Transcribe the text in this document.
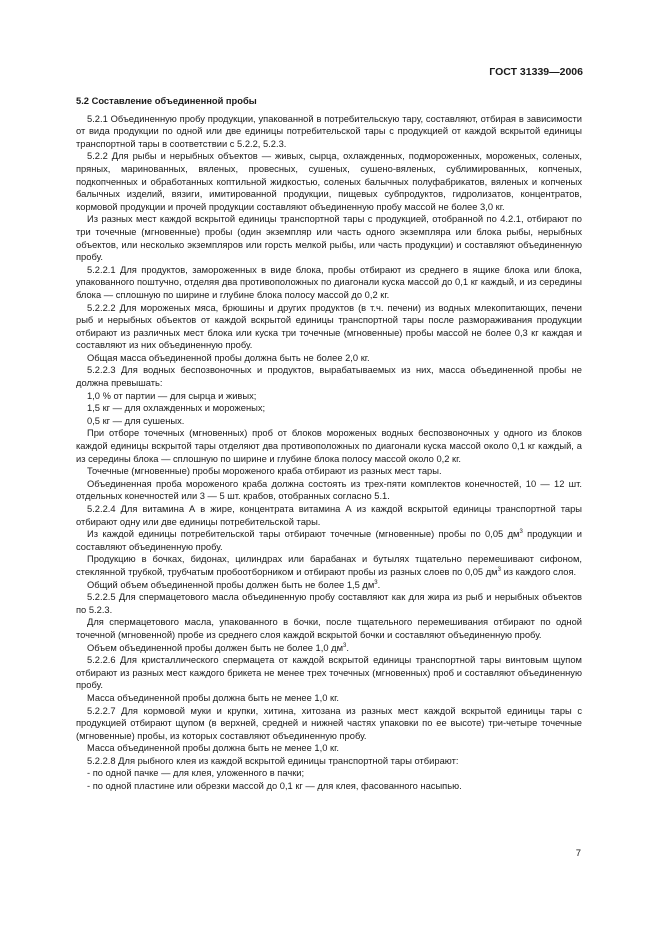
ГОСТ 31339—2006
5.2 Составление объединенной пробы

5.2.1 Объединенную пробу продукции, упакованной в потребительскую тару, составляют, отбирая в зависимости от вида продукции по одной или две единицы потребительской тары с продукцией от каждой вскрытой единицы транспортной тары в соответствии с 5.2.2, 5.2.3.

5.2.2 Для рыбы и нерыбных объектов — живых, сырца, охлажденных, подмороженных, мороженых, соленых, пряных, маринованных, вяленых, провесных, сушеных, сушено-вяленых, сублимированных, копченых, подкопченных и обработанных коптильной жидкостью, соленых балычных полуфабрикатов, вяленых и копченых балычных изделий, вязиги, имитированной продукции, пищевых субпродуктов, гидролизатов, концентратов, кормовой продукции и прочей продукции составляют объединенную пробу массой не более 3,0 кг.

Из разных мест каждой вскрытой единицы транспортной тары с продукцией, отобранной по 4.2.1, отбирают по три точечные (мгновенные) пробы (один экземпляр или часть одного экземпляра или блока рыбы, нерыбных объектов, или несколько экземпляров или горсть мелкой рыбы, или часть продукции) и составляют объединенную пробу.

5.2.2.1 Для продуктов, замороженных в виде блока, пробы отбирают из среднего в ящике блока или блока, упакованного поштучно, отделяя два противоположных по диагонали куска массой до 0,1 кг каждый, и из середины блока — сплошную по ширине и глубине блока полосу массой до 0,2 кг.

5.2.2.2 Для мороженых мяса, брюшины и других продуктов (в т.ч. печени) из водных млекопитающих, печени рыб и нерыбных объектов от каждой вскрытой единицы транспортной тары после размораживания продукции отбирают из различных мест блока или куска три точечные (мгновенные) пробы массой не более 0,3 кг каждая и составляют из них объединенную пробу.

Общая масса объединенной пробы должна быть не более 2,0 кг.

5.2.2.3 Для водных беспозвоночных и продуктов, вырабатываемых из них, масса объединенной пробы не должна превышать:

1,0 % от партии — для сырца и живых;

1,5 кг — для охлажденных и мороженых;

0,5 кг — для сушеных.

При отборе точечных (мгновенных) проб от блоков мороженых водных беспозвоночных у одного из блоков каждой единицы вскрытой тары отделяют два противоположных по диагонали куска массой около 0,1 кг каждый, а из середины блока — сплошную по ширине и глубине блока полосу массой около 0,2 кг.

Точечные (мгновенные) пробы мороженого краба отбирают из разных мест тары.

Объединенная проба мороженого краба должна состоять из трех-пяти комплектов конечностей, 10 — 12 шт. отдельных конечностей или 3 — 5 шт. крабов, отобранных согласно 5.1.

5.2.2.4 Для витамина А в жире, концентрата витамина А из каждой вскрытой единицы транспортной тары отбирают одну или две единицы потребительской тары.

Из каждой единицы потребительской тары отбирают точечные (мгновенные) пробы по 0,05 $дм^3$ продукции и составляют объединенную пробу.

Продукцию в бочках, бидонах, цилиндрах или барабанах и бутылях тщательно перемешивают сифоном, стеклянной трубкой, трубчатым пробоотборником и отбирают пробы из разных слоев по 0,05 $дм^3$ из каждого слоя.

Общий объем объединенной пробы должен быть не более 1,5 $дм^3$.

5.2.2.5 Для спермацетового масла объединенную пробу составляют как для жира из рыб и нерыбных объектов по 5.2.3.

Для спермацетового масла, упакованного в бочки, после тщательного перемешивания отбирают по одной точечной (мгновенной) пробе из среднего слоя каждой вскрытой бочки и составляют объединенную пробу.

Объем объединенной пробы должен быть не более 1,0 $дм^3$.

5.2.2.6 Для кристаллического спермацета от каждой вскрытой единицы транспортной тары винтовым щупом отбирают из разных мест каждого брикета не менее трех точечных (мгновенных) проб и составляют объединенную пробу.

Масса объединенной пробы должна быть не менее 1,0 кг.

5.2.2.7 Для кормовой муки и крупки, хитина, хитозана из разных мест каждой вскрытой единицы тары с продукцией отбирают щупом (в верхней, средней и нижней частях упаковки по ее высоте) три-четыре точечные (мгновенные) пробы, из которых составляют объединенную пробу.

Масса объединенной пробы должна быть не менее 1,0 кг.

5.2.2.8 Для рыбного клея из каждой вскрытой единицы транспортной тары отбирают:

- по одной пачке — для клея, уложенного в пачки;

- по одной пластине или обрезки массой до 0,1 кг — для клея, фасованного насыпью.

7
